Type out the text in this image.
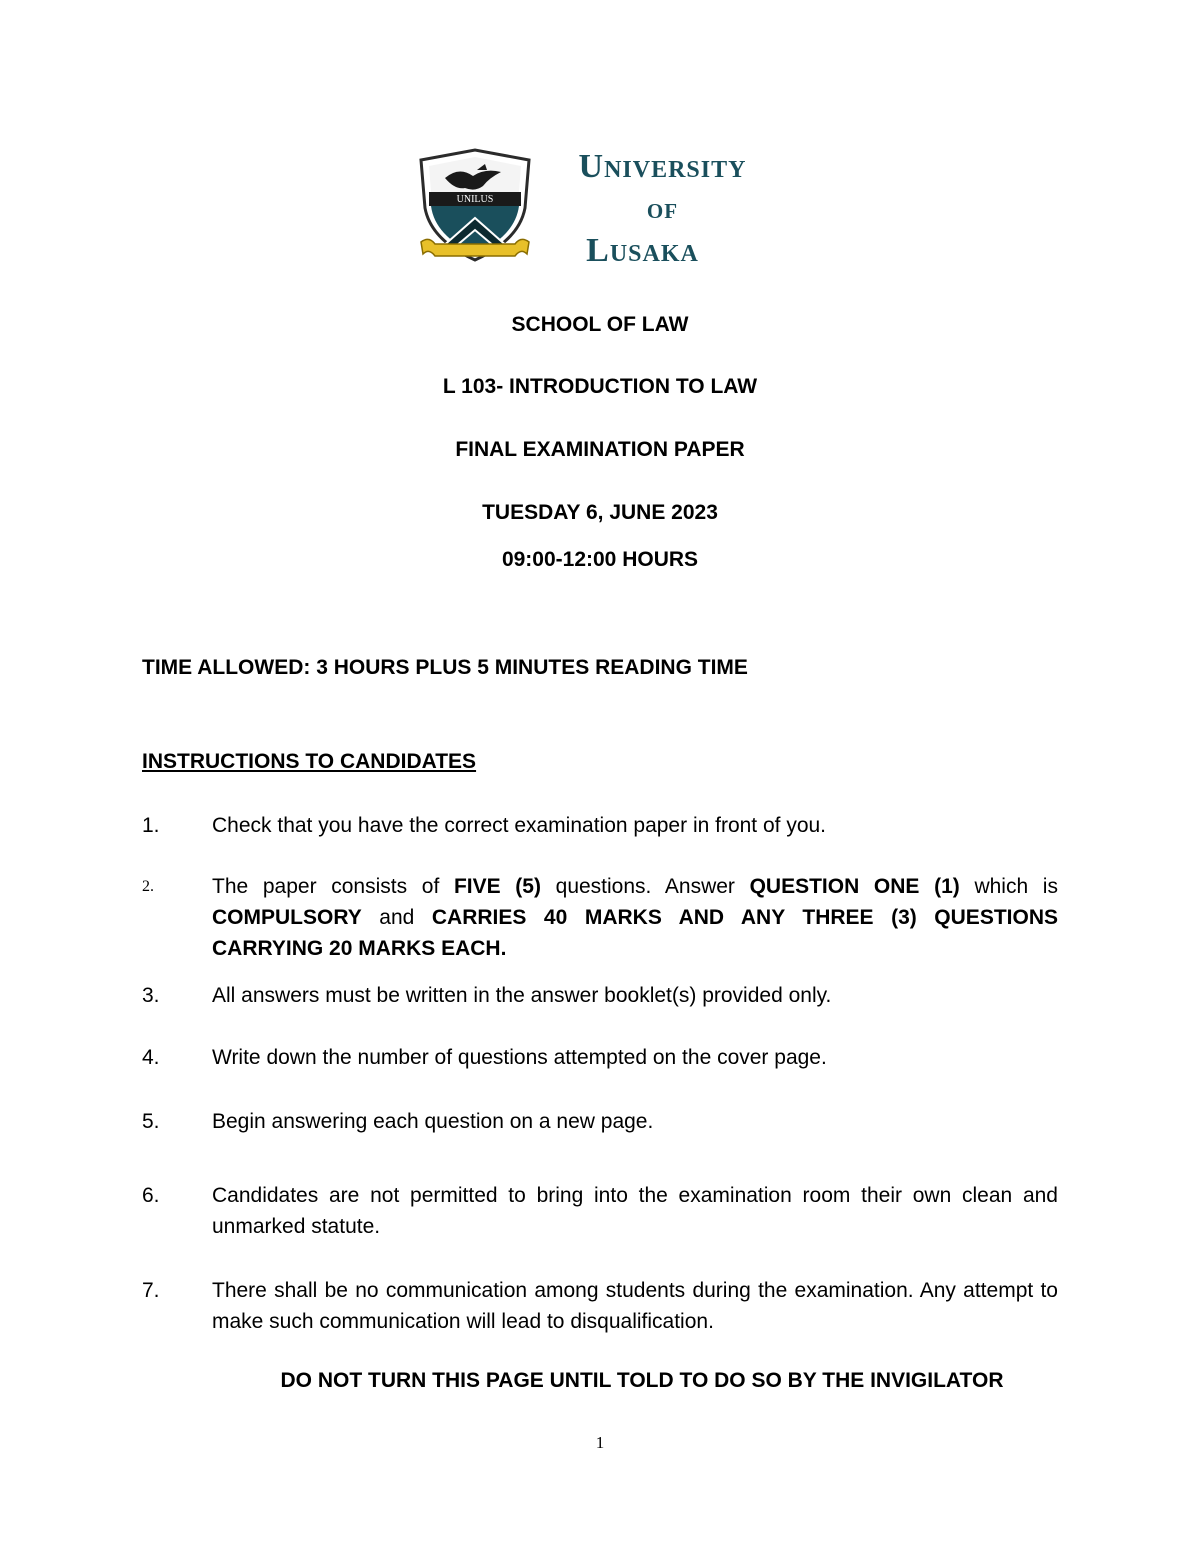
UNILUS
University
of
Lusaka
SCHOOL OF LAW
L 103- INTRODUCTION TO LAW
FINAL EXAMINATION PAPER
TUESDAY 6, JUNE 2023
09:00-12:00 HOURS
TIME ALLOWED: 3 HOURS PLUS 5 MINUTES READING TIME
INSTRUCTIONS TO CANDIDATES
1. Check that you have the correct examination paper in front of you.
2.	The paper consists of FIVE (5) questions. Answer QUESTION ONE (1) which is COMPULSORY and CARRIES 40 MARKS AND ANY THREE (3) QUESTIONS CARRYING 20 MARKS EACH.
3. All answers must be written in the answer booklet(s) provided only.
4. Write down the number of questions attempted on the cover page.
5. Begin answering each question on a new page.
6. Candidates are not permitted to bring into the examination room their own clean and unmarked statute.
7. There shall be no communication among students during the examination. Any attempt to make such communication will lead to disqualification.
DO NOT TURN THIS PAGE UNTIL TOLD TO DO SO BY THE INVIGILATOR
1
